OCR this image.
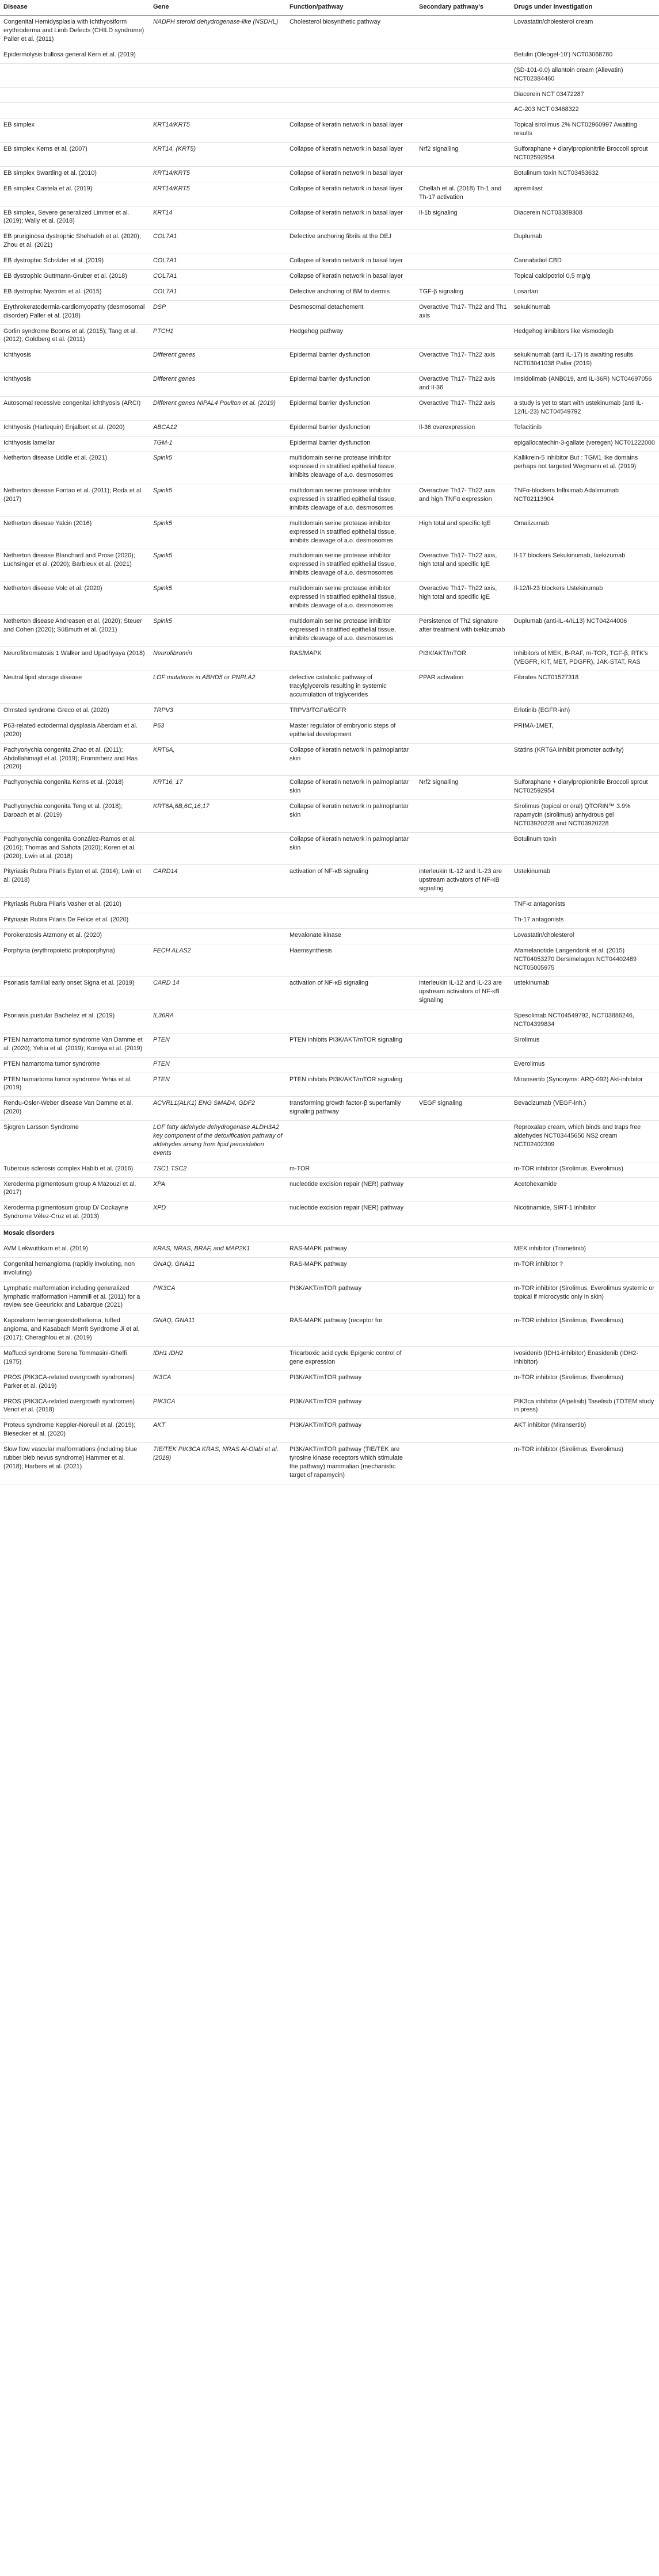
Disease	Gene	Function/pathway	Secondary pathway's	Drugs under investigation
Congenital Hemidysplasia with Ichthyosiform erythroderma and Limb Defects (CHILD syndrome) Paller et al. (2011)	NADPH steroid dehydrogenase-like (NSDHL)	Cholesterol biosynthetic pathway		Lovastatin/cholesterol cream
Epidermolysis bullosa general Kern et al. (2019)				Betulin (Oleogel-10') NCT03068780
				(SD-101-0.0) allantoin cream (Allevatin) NCT02384460
				Diacerein NCT 03472287
				AC-203 NCT 03468322
EB simplex	KRT14/KRT5	Collapse of keratin network in basal layer		Topical sirolimus 2% NCT02960997 Awaiting results
EB simplex Kerns et al. (2007)	KRT14, (KRT5)	Collapse of keratin network in basal layer	Nrf2 signalling	Sulforaphane + diarylpropionitrile Broccoli sprout NCT02592954
EB simplex Swartling et al. (2010)	KRT14/KRT5	Collapse of keratin network in basal layer		Botulinum toxin NCT03453632
EB simplex Castela et al. (2019)	KRT14/KRT5	Collapse of keratin network in basal layer	Chellah et al. (2018) Th-1 and Th-17 activation	apremilast
EB simplex, Severe generalized Limmer et al. (2019); Wally et al. (2018)	KRT14	Collapse of keratin network in basal layer	Il-1b signaling	Diacerein NCT03389308
EB pruriginosa dystrophic Shehadeh et al. (2020); Zhou et al. (2021)	COL7A1	Defective anchoring fibrils at the DEJ		Duplumab
EB dystrophic Schräder et al. (2019)	COL7A1	Collapse of keratin network in basal layer		Cannabidiol CBD
EB dystrophic Guttmann-Gruber et al. (2018)	COL7A1	Collapse of keratin network in basal layer		Topical calcipotriol 0,5 mg/g
EB dystrophic Nyström et al. (2015)	COL7A1	Defective anchoring of BM to dermis	TGF-β signaling	Losartan
Erythrokeratodermia-cardiomyopathy (desmosomal disorder) Paller et al. (2018)	DSP	Desmosomal detachement	Overactive Th17- Th22 and Th1 axis	sekukinumab
Gorlin syndrome Booms et al. (2015); Tang et al. (2012); Goldberg et al. (2011)	PTCH1	Hedgehog pathway		Hedgehog inhibitors like vismodegib
Ichthyosis	Different genes	Epidermal barrier dysfunction	Overactive Th17- Th22 axis	sekukinumab (anti IL-17) is awaiting results NCT03041038 Paller (2019)
Ichthyosis	Different genes	Epidermal barrier dysfunction	Overactive Th17- Th22 axis and Il-36	imsidolimab (ANB019, anti IL-36R) NCT04697056
Autosomal recessive congenital ichthyosis (ARCI)	Different genes NIPAL4 Poulton et al. (2019)	Epidermal barrier dysfunction	Overactive Th17- Th22 axis	a study is yet to start with ustekinumab (anti IL-12/IL-23) NCT04549792
Ichthyosis (Harlequin) Enjalbert et al. (2020)	ABCA12	Epidermal barrier dysfunction	Il-36 overexpression	Tofacitinib
Ichthyosis lamellar	TGM-1	Epidermal barrier dysfunction		epigallocatechin-3-gallate (veregen) NCT01222000
Netherton disease Liddle et al. (2021)	Spink5	multidomain serine protease inhibitor expressed in stratified epithelial tissue, inhibits cleavage of a.o. desmosomes		Kallikrein-5 inhibitor But : TGM1 like domains perhaps not targeted Wegmann et al. (2019)
Netherton disease Fontao et al. (2011); Roda et al. (2017)	Spink5	multidomain serine protease inhibitor expressed in stratified epithelial tissue, inhibits cleavage of a.o. desmosomes	Overactive Th17- Th22 axis and high TNFα expression	TNFα-blockers Infliximab Adalimumab NCT02113904
Netherton disease Yalcin (2016)	Spink5	multidomain serine protease inhibitor expressed in stratified epithelial tissue, inhibits cleavage of a.o. desmosomes	High total and specific IgE	Omalizumab
Netherton disease Blanchard and Prose (2020); Luchsinger et al. (2020); Barbieux et al. (2021)	Spink5	multidomain serine protease inhibitor expressed in stratified epithelial tissue, inhibits cleavage of a.o. desmosomes	Overactive Th17- Th22 axis, high total and specific IgE	Il-17 blockers Sekukinumab, Ixekizumab
Netherton disease Volc et al. (2020)	Spink5	multidomain serine protease inhibitor expressed in stratified epithelial tissue, inhibits cleavage of a.o. desmosomes	Overactive Th17- Th22 axis, high total and specific IgE	Il-12/Il-23 blockers Ustekinumab
Netherton disease Andreasen et al. (2020); Steuer and Cohen (2020); Süßmuth et al. (2021)	Spink5	multidomain serine protease inhibitor expressed in stratified epithelial tissue, inhibits cleavage of a.o. desmosomes	Persistence of Th2 signature after treatment with ixekizumab	Duplumab (anti-IL-4/IL13) NCT04244006
Neurofibromatosis 1 Walker and Upadhyaya (2018)	Neurofibromin	RAS/MAPK	PI3K/AKT/mTOR	Inhibitors of MEK, B-RAF, m-TOR, TGF-β, RTK's (VEGFR, KIT, MET, PDGFR), JAK-STAT, RAS
Neutral lipid storage disease	LOF mutations in ABHD5 or PNPLA2	defective catabolic pathway of tracylglycerols resulting in systemic accumulation of triglycerides	PPAR activation	Fibrates NCT01527318
Olmsted syndrome Greco et al. (2020)	TRPV3	TRPV3/TGFα/EGFR		Erlotinib (EGFR-inh)
P63-related ectodermal dysplasia Aberdam et al. (2020)	P63	Master regulator of embryonic steps of epithelial development		PRIMA-1MET,
Pachyonychia congenita Zhao et al. (2011); Abdollahimajd et al. (2019); Frommherz and Has (2020)	KRT6A,	Collapse of keratin network in palmoplantar skin		Statins (KRT6A inhibit promoter activity)
Pachyonychia congenita Kerns et al. (2018)	KRT16, 17	Collapse of keratin network in palmoplantar skin	Nrf2 signalling	Sulforaphane + diarylpropionitrile Broccoli sprout NCT02592954
Pachyonychia congenita Teng et al. (2018); Daroach et al. (2019)	KRT6A,6B,6C,16,17	Collapse of keratin network in palmoplantar skin		Sirolimus (topical or oral) QTORIN™ 3.9% rapamycin (sirolimus) anhydrous gel NCT03920228 and NCT03920228
Pachyonychia congenita González-Ramos et al. (2016); Thomas and Sahota (2020); Koren et al. (2020); Lwin et al. (2018)		Collapse of keratin network in palmoplantar skin		Botulinum toxin
Pityriasis Rubra Pilaris Eytan et al. (2014); Lwin et al. (2018)	CARD14	activation of NF-κB signaling	interleukin IL-12 and IL-23 are upstream activators of NF-κB signaling	Ustekinumab
Pityriasis Rubra Pilaris Vasher et al. (2010)				TNF-α antagonists
Pityriasis Rubra Pilaris De Felice et al. (2020)				Th-17 antagonists
Porokeratosis Atzmony et al. (2020)		Mevalonate kinase		Lovastatin/cholesterol
Porphyria (erythropoietic protoporphyria)	FECH ALAS2	Haemsynthesis		Afamelanotide Langendonk et al. (2015) NCT04053270 Dersimelagon NCT04402489 NCT05005975
Psoriasis familial early onset Signa et al. (2019)	CARD 14	activation of NF-κB signaling	interleukin IL-12 and IL-23 are upstream activators of NF-κB signaling	ustekinumab
Psoriasis pustular Bachelez et al. (2019)	IL36RA			Spesolimab NCT04549792, NCT03886246, NCT04399834
PTEN hamartoma tumor syndrome Van Damme et al. (2020); Yehia et al. (2019); Komiya et al. (2019)	PTEN	PTEN inhibits PI3K/AKT/mTOR signaling		Sirolimus
PTEN hamartoma tumor syndrome	PTEN			Everolimus
PTEN hamartoma tumor syndrome Yehia et al. (2019)	PTEN	PTEN inhibits PI3K/AKT/mTOR signaling		Miransertib (Synonyms: ARQ-092) Akt-inhibitor
Rendu-Osler-Weber disease Van Damme et al. (2020)	ACVRL1(ALK1) ENG SMAD4, GDF2	transforming growth factor-β superfamily signaling pathway	VEGF signaling	Bevacizumab (VEGF-inh.)
Sjogren Larsson Syndrome	LOF fatty aldehyde dehydrogenase ALDH3A2 key component of the detoxification pathway of aldehydes arising from lipid peroxidation events			Reproxalap cream, which binds and traps free aldehydes NCT03445650 NS2 cream NCT02402309
Tuberous sclerosis complex Habib et al. (2016)	TSC1 TSC2	m-TOR		m-TOR inhibitor (Sirolimus, Everolimus)
Xeroderma pigmentosum group A Mazouzi et al. (2017)	XPA	nucleotide excision repair (NER) pathway		Acetohexamide
Xeroderma pigmentosum group D/ Cockayne Syndrome Vélez-Cruz et al. (2013)	XPD	nucleotide excision repair (NER) pathway		Nicotinamide, SIRT-1 inhibitor
Mosaic disorders				
AVM Lekwuttikarn et al. (2019)	KRAS, NRAS, BRAF, and MAP2K1	RAS-MAPK pathway		MEK inhibitor (Trametinib)
Congenital hemangioma (rapidly involuting, non involuting)	GNAQ, GNA11	RAS-MAPK pathway		m-TOR inhibitor ?
Lymphatic malformation including generalized lymphatic malformation Hammill et al. (2011) for a review see Geeurickx and Labarque (2021)	PIK3CA	PI3K/AKT/mTOR pathway		m-TOR inhibitor (Sirolimus, Everolimus systemic or topical if microcystic only in skin)
Kaposiform hemangioendothelioma, tufted angioma, and Kasabach Merrit Syndrome Ji et al. (2017); Cheraghlou et al. (2019)	GNAQ, GNA11	RAS-MAPK pathway (receptor for		m-TOR inhibitor (Sirolimus, Everolimus)
Maffucci syndrome Serena Tommasini-Ghelfi (1975)	IDH1 IDH2	Tricarboxic acid cycle Epigenic control of gene expression		Ivosidenib (IDH1-inhibitor) Enasidenib (IDH2-inhibitor)
PROS (PIK3CA-related overgrowth syndromes) Parker et al. (2019)	IK3CA	PI3K/AKT/mTOR pathway		m-TOR inhibitor (Sirolimus, Everolimus)
PROS (PIK3CA-related overgrowth syndromes) Venot et al. (2018)	PIK3CA	PI3K/AKT/mTOR pathway		PIK3ca inhibitor (Alpelisib) Taselisib (TOTEM study in press)
Proteus syndrome Keppler-Noreuil et al. (2019); Biesecker et al. (2020)	AKT	PI3K/AKT/mTOR pathway		AKT inhibitor (Miransertib)
Slow flow vascular malformations (including blue rubber bleb nevus syndrome) Hammer et al. (2018); Harbers et al. (2021)	TIE/TEK PIK3CA KRAS, NRAS Al-Olabi et al. (2018)	PI3K/AKT/mTOR pathway (TIE/TEK are tyrosine kinase receptors which stimulate the pathway) mammalian (mechanistic target of rapamycin)		m-TOR inhibitor (Sirolimus, Everolimus)
